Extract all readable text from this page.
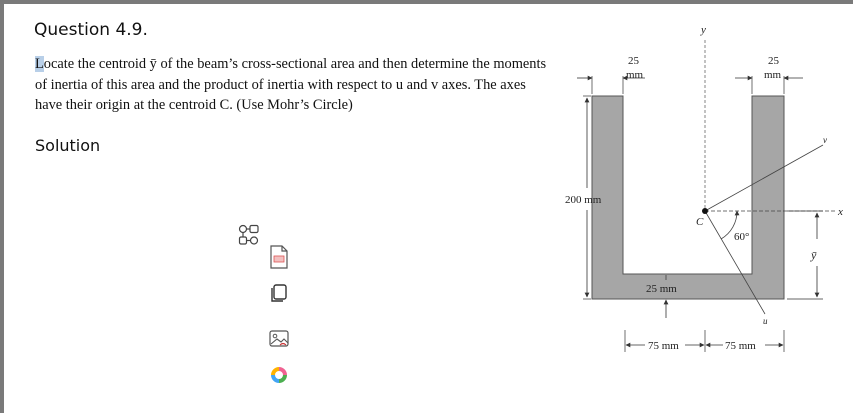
Question 4.9.
Locate the centroid ȳ of the beam’s cross-sectional area and then determine the moments of inertia of this area and the product of inertia with respect to u and v axes. The axes have their origin at the centroid C. (Use Mohr’s Circle)
Solution
y
x
v
u
C
60°
25
mm
25
mm
200 mm
ȳ
25 mm
75 mm	75 mm
